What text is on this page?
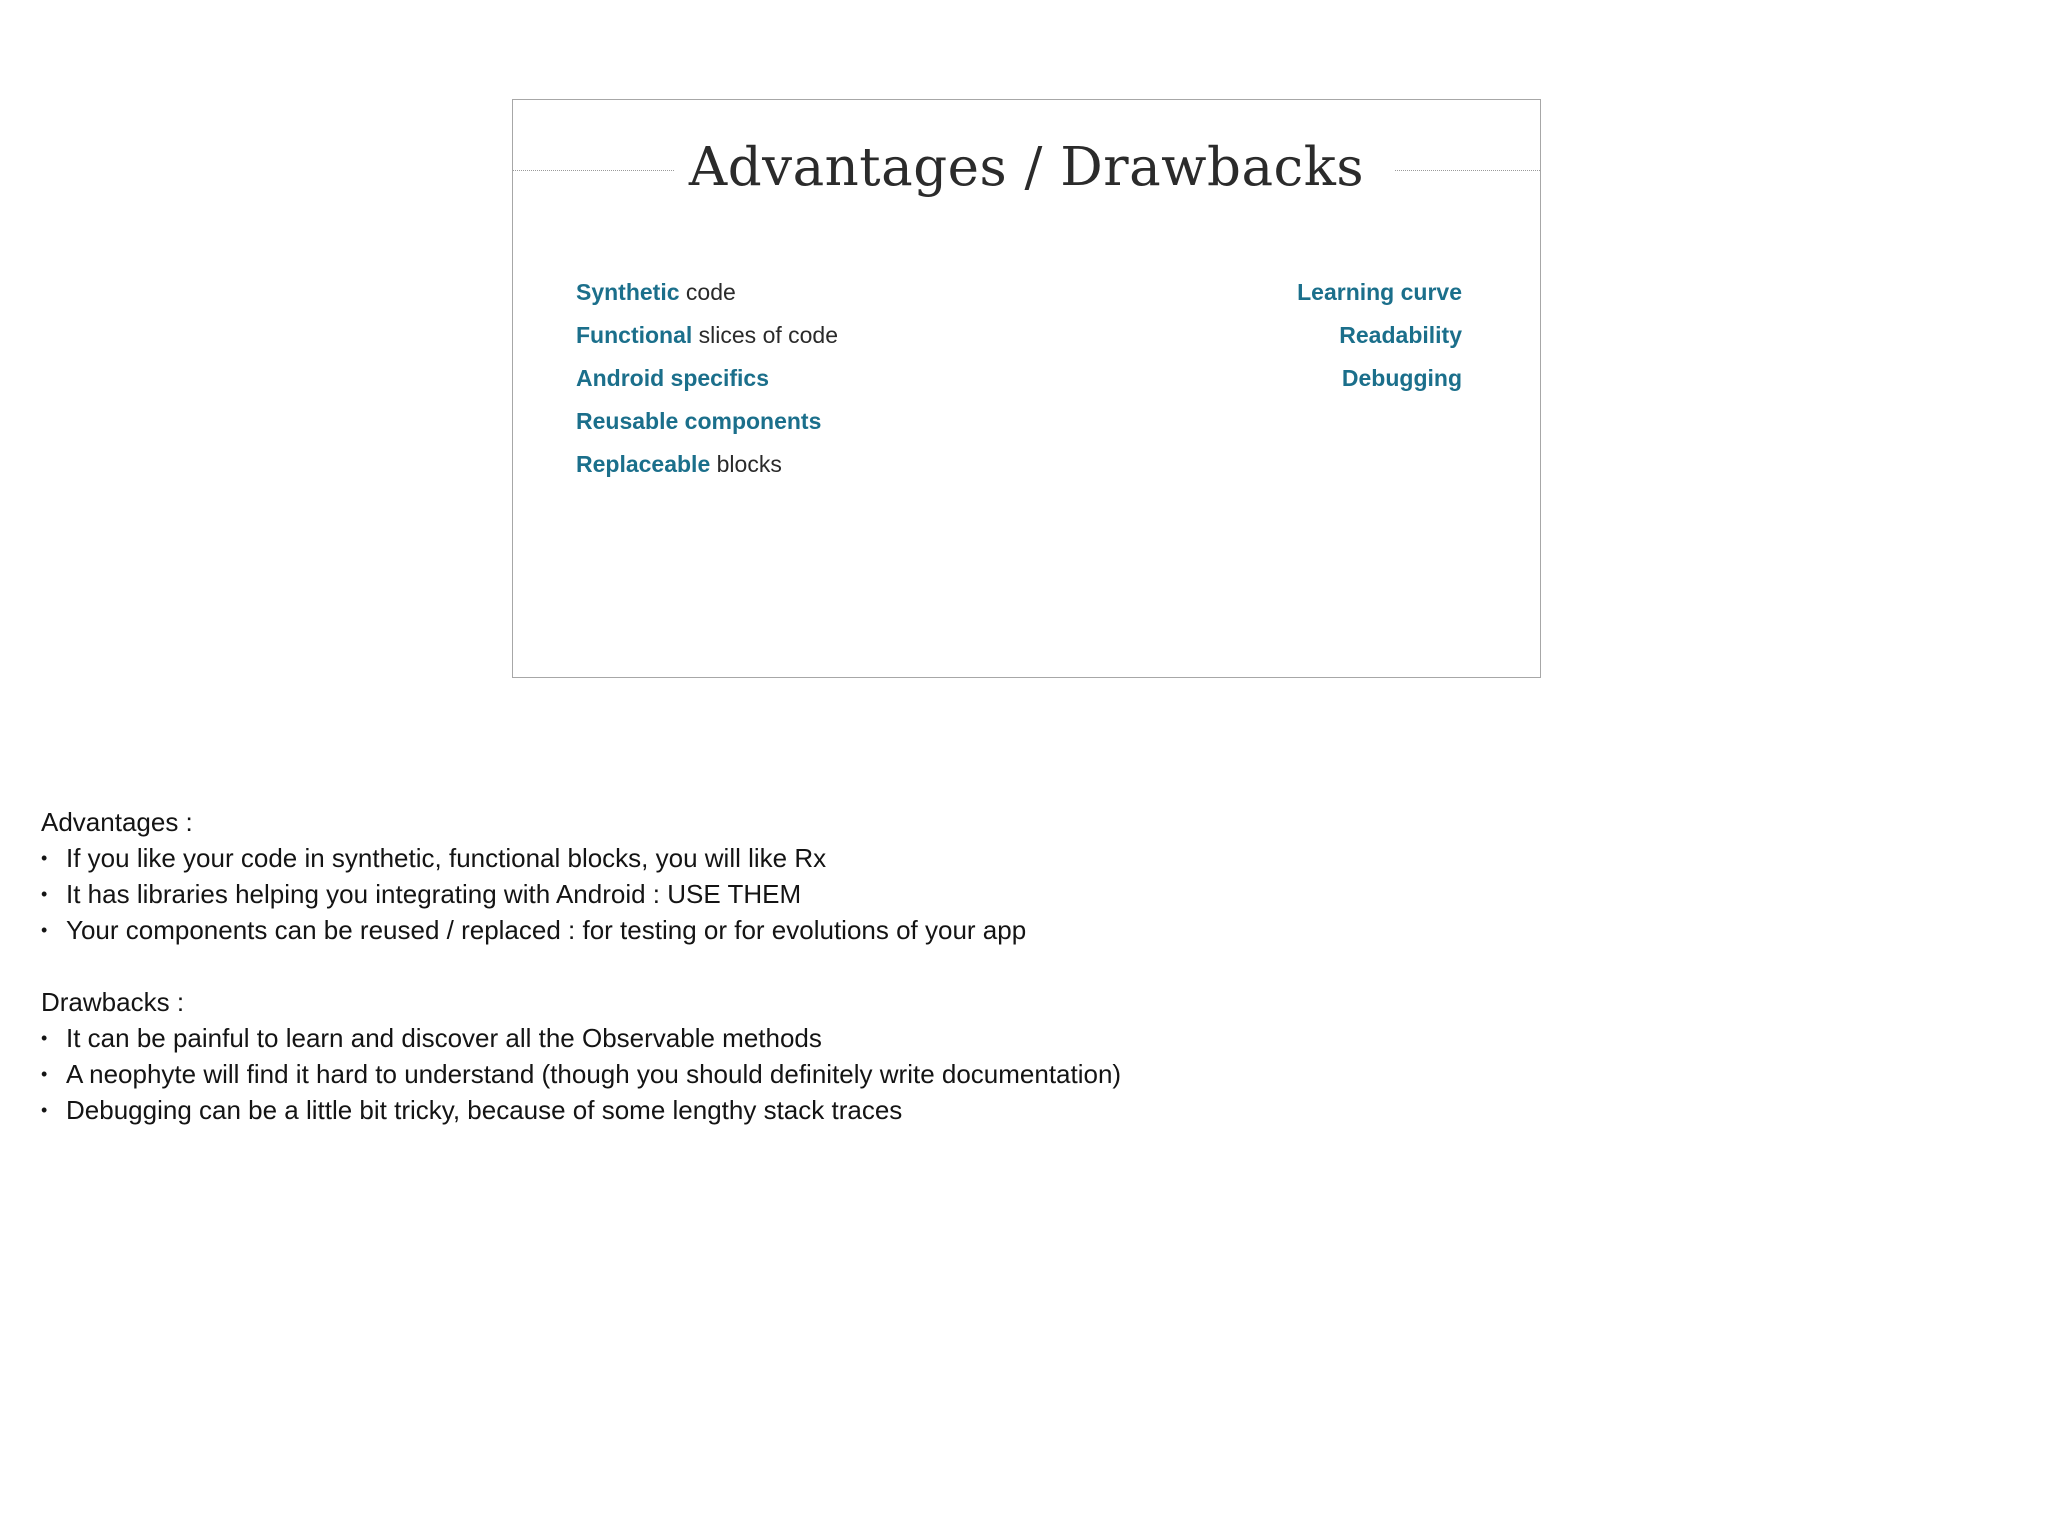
Advantages / Drawbacks
Synthetic code
Functional slices of code
Android specifics
Reusable components
Replaceable blocks
Learning curve
Readability
Debugging
Advantages :
• If you like your code in synthetic, functional blocks, you will like Rx
• It has libraries helping you integrating with Android : USE THEM
• Your components can be reused / replaced : for testing or for evolutions of your app
Drawbacks :
• It can be painful to learn and discover all the Observable methods
• A neophyte will find it hard to understand (though you should definitely write documentation)
• Debugging can be a little bit tricky, because of some lengthy stack traces
